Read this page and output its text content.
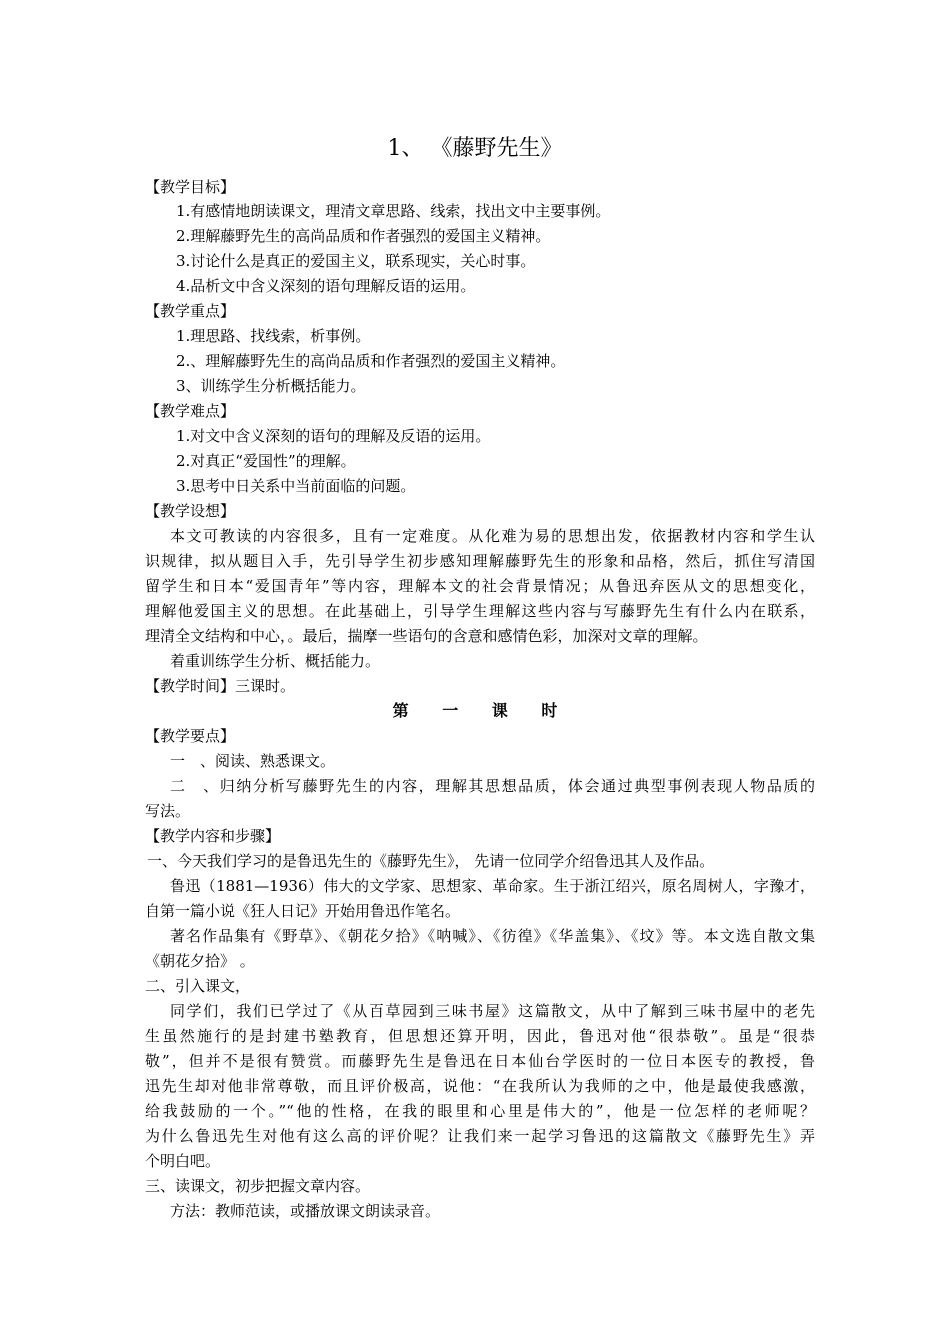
1、 《藤野先生》
【教学目标】
1.有感情地朗读课文，理清文章思路、线索，找出文中主要事例。
2.理解藤野先生的高尚品质和作者强烈的爱国主义精神。
3.讨论什么是真正的爱国主义，联系现实，关心时事。
4.品析文中含义深刻的语句理解反语的运用。
【教学重点】
1.理思路、找线索，析事例。
2.、理解藤野先生的高尚品质和作者强烈的爱国主义精神。
3、训练学生分析概括能力。
【教学难点】
1.对文中含义深刻的语句的理解及反语的运用。
2.对真正“爱国性”的理解。
3.思考中日关系中当前面临的问题。
【教学设想】
本文可教读的内容很多，且有一定难度。从化难为易的思想出发，依据教材内容和学生认
识规律，拟从题目入手，先引导学生初步感知理解藤野先生的形象和品格，然后，抓住写清国
留学生和日本“爱国青年”等内容，理解本文的社会背景情况；从鲁迅弃医从文的思想变化，
理解他爱国主义的思想。在此基础上，引导学生理解这些内容与写藤野先生有什么内在联系，
理清全文结构和中心，。最后，揣摩一些语句的含意和感情色彩，加深对文章的理解。
着重训练学生分析、概括能力。
【教学时间】三课时。
第 一 课 时
【教学要点】
一　、阅读、熟悉课文。
二　、归纳分析写藤野先生的内容，理解其思想品质，体会通过典型事例表现人物品质的
写法。
【教学内容和步骤】
一、今天我们学习的是鲁迅先生的《藤野先生》， 先请一位同学介绍鲁迅其人及作品。
鲁迅（1881—1936）伟大的文学家、思想家、革命家。生于浙江绍兴，原名周树人，字豫才，
自第一篇小说《狂人日记》开始用鲁迅作笔名。
著名作品集有《野草》、《朝花夕拾》《呐喊》、《彷徨》《华盖集》、《坟》等。本文选自散文集
《朝花夕拾》 。
二、引入课文，
同学们，我们已学过了《从百草园到三味书屋》这篇散文，从中了解到三味书屋中的老先
生虽然施行的是封建书塾教育，但思想还算开明，因此，鲁迅对他“很恭敬”。虽是“很恭
敬”，但并不是很有赞赏。而藤野先生是鲁迅在日本仙台学医时的一位日本医专的教授，鲁
迅先生却对他非常尊敬，而且评价极高，说他：“在我所认为我师的之中，他是最使我感激，
给我鼓励的一个。”“他的性格，在我的眼里和心里是伟大的”，他是一位怎样的老师呢？
为什么鲁迅先生对他有这么高的评价呢？让我们来一起学习鲁迅的这篇散文《藤野先生》弄
个明白吧。
三、读课文，初步把握文章内容。
方法：教师范读，或播放课文朗读录音。
